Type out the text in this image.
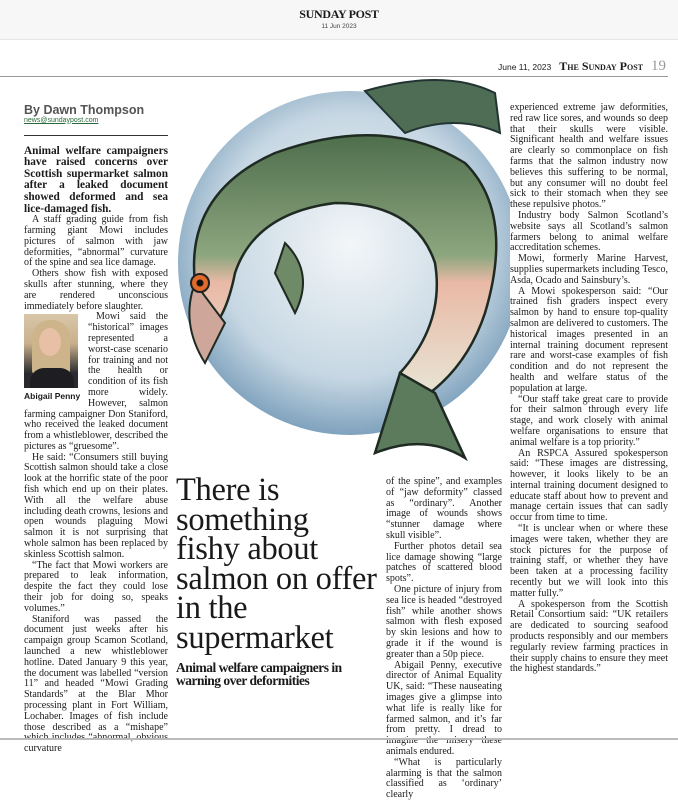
SUNDAY POST
11 Jun 2023
June 11, 2023 The Sunday Post 19
By Dawn Thompson
news@sundaypost.com

Animal welfare campaigners have raised concerns over Scottish supermarket salmon after a leaked document showed deformed and sea lice-damaged fish.

A staff grading guide from fish farming giant Mowi includes pictures of salmon with jaw deformities, “abnormal” curvature of the spine and sea lice damage.

Others show fish with exposed skulls after stunning, where they are rendered unconscious immediately before slaughter.

Abigail Penny

Mowi said the “historical” images represented a worst-case scenario for training and not the health or condition of its fish more widely. However, salmon farming campaigner Don Staniford, who received the leaked document from a whistleblower, described the pictures as “gruesome”.

He said: “Consumers still buying Scottish salmon should take a close look at the horrific state of the poor fish which end up on their plates. With all the welfare abuse including death crowns, lesions and open wounds plaguing Mowi salmon it is not surprising that whole salmon has been replaced by skinless Scottish salmon.

“The fact that Mowi workers are prepared to leak information, despite the fact they could lose their job for doing so, speaks volumes.”

Staniford was passed the document just weeks after his campaign group Scamon Scotland, launched a new whistleblower hotline. Dated January 9 this year, the document was labelled “version 11” and headed “Mowi Grading Standards” at the Blar Mhor processing plant in Fort William, Lochaber. Images of fish include those described as a “mishape” which includes “abnormal, obvious curvature

There is something fishy about salmon on offer in the supermarket
Animal welfare campaigners in warning over deformities

of the spine”, and examples of “jaw deformity” classed as “ordinary”. Another image of wounds shows “stunner damage where skull visible”.

Further photos detail sea lice damage showing “large patches of scattered blood spots”.

One picture of injury from sea lice is headed “destroyed fish” while another shows salmon with flesh exposed by skin lesions and how to grade it if the wound is greater than a 50p piece.

Abigail Penny, executive director of Animal Equality UK, said: “These nauseating images give a glimpse into what life is really like for farmed salmon, and it’s far from pretty. I dread to imagine the misery these animals endured.

“What is particularly alarming is that the salmon classified as ‘ordinary’ clearly

experienced extreme jaw deformities, red raw lice sores, and wounds so deep that their skulls were visible. Significant health and welfare issues are clearly so commonplace on fish farms that the salmon industry now believes this suffering to be normal, but any consumer will no doubt feel sick to their stomach when they see these repulsive photos.”

Industry body Salmon Scotland’s website says all Scotland’s salmon farmers belong to animal welfare accreditation schemes.

Mowi, formerly Marine Harvest, supplies supermarkets including Tesco, Asda, Ocado and Sainsbury’s.

A Mowi spokesperson said: “Our trained fish graders inspect every salmon by hand to ensure top-quality salmon are delivered to customers. The historical images presented in an internal training document represent rare and worst-case examples of fish condition and do not represent the health and welfare status of the population at large.

“Our staff take great care to provide for their salmon through every life stage, and work closely with animal welfare organisations to ensure that animal welfare is a top priority.”

An RSPCA Assured spokesperson said: “These images are distressing, however, it looks likely to be an internal training document designed to educate staff about how to prevent and manage certain issues that can sadly occur from time to time.

“It is unclear when or where these images were taken, whether they are stock pictures for the purpose of training staff, or whether they have been taken at a processing facility recently but we will look into this matter fully.”

A spokesperson from the Scottish Retail Consortium said: “UK retailers are dedicated to sourcing seafood products responsibly and our members regularly review farming practices in their supply chains to ensure they meet the highest standards.”
